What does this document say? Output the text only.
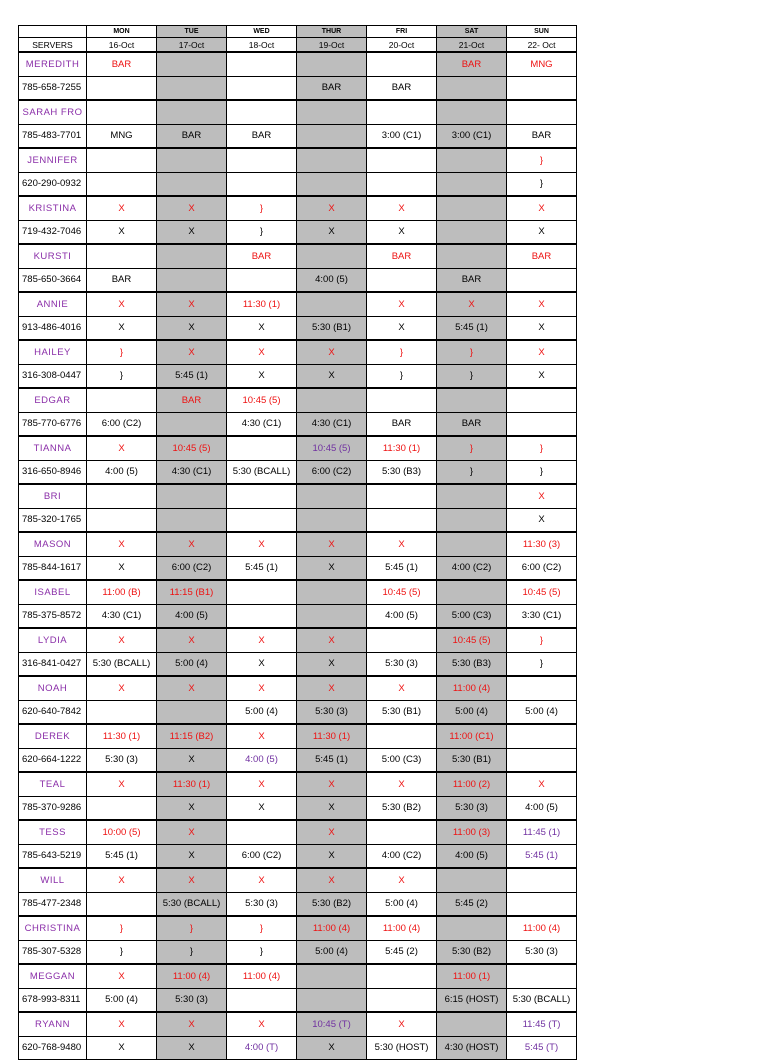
	MON	TUE	WED	THUR	FRI	SAT	SUN
SERVERS	16-Oct	17-Oct	18-Oct	19-Oct	20-Oct	21-Oct	22- Oct
MEREDITH	BAR					BAR	MNG
785-658-7255				BAR	BAR		
SARAH FRO							
785-483-7701	MNG	BAR	BAR		3:00 (C1)	3:00 (C1)	BAR
JENNIFER							}
620-290-0932							}
KRISTINA	X	X	}	X	X		X
719-432-7046	X	X	}	X	X		X
KURSTI			BAR		BAR		BAR
785-650-3664	BAR			4:00 (5)		BAR	
ANNIE	X	X	11:30 (1)		X	X	X
913-486-4016	X	X	X	5:30 (B1)	X	5:45 (1)	X
HAILEY	}	X	X	X	}	}	X
316-308-0447	}	5:45 (1)	X	X	}	}	X
EDGAR		BAR	10:45 (5)				
785-770-6776	6:00 (C2)		4:30 (C1)	4:30 (C1)	BAR	BAR	
TIANNA	X	10:45 (5)		10:45 (5)	11:30 (1)	}	}
316-650-8946	4:00 (5)	4:30 (C1)	5:30 (BCALL)	6:00 (C2)	5:30 (B3)	}	}
BRI							X
785-320-1765							X
MASON	X	X	X	X	X		11:30 (3)
785-844-1617	X	6:00 (C2)	5:45 (1)	X	5:45 (1)	4:00 (C2)	6:00 (C2)
ISABEL	11:00 (B)	11:15 (B1)			10:45 (5)		10:45 (5)
785-375-8572	4:30 (C1)	4:00 (5)			4:00 (5)	5:00 (C3)	3:30 (C1)
LYDIA	X	X	X	X		10:45 (5)	}
316-841-0427	5:30 (BCALL)	5:00 (4)	X	X	5:30 (3)	5:30 (B3)	}
NOAH	X	X	X	X	X	11:00 (4)	
620-640-7842			5:00 (4)	5:30 (3)	5:30 (B1)	5:00 (4)	5:00 (4)
DEREK	11:30 (1)	11:15 (B2)	X	11:30 (1)		11:00 (C1)	
620-664-1222	5:30 (3)	X	4:00 (5)	5:45 (1)	5:00 (C3)	5:30 (B1)	
TEAL	X	11:30 (1)	X	X	X	11:00 (2)	X
785-370-9286		X	X	X	5:30 (B2)	5:30 (3)	4:00 (5)
TESS	10:00 (5)	X		X		11:00 (3)	11:45 (1)
785-643-5219	5:45 (1)	X	6:00 (C2)	X	4:00 (C2)	4:00 (5)	5:45 (1)
WILL	X	X	X	X	X		
785-477-2348		5:30 (BCALL)	5:30 (3)	5:30 (B2)	5:00 (4)	5:45 (2)	
CHRISTINA	}	}	}	11:00 (4)	11:00 (4)		11:00 (4)
785-307-5328	}	}	}	5:00 (4)	5:45 (2)	5:30 (B2)	5:30 (3)
MEGGAN	X	11:00 (4)	11:00 (4)			11:00 (1)	
678-993-8311	5:00 (4)	5:30 (3)				6:15 (HOST)	5:30 (BCALL)
RYANN	X	X	X	10:45 (T)	X		11:45 (T)
620-768-9480	X	X	4:00 (T)	X	5:30 (HOST)	4:30 (HOST)	5:45 (T)
